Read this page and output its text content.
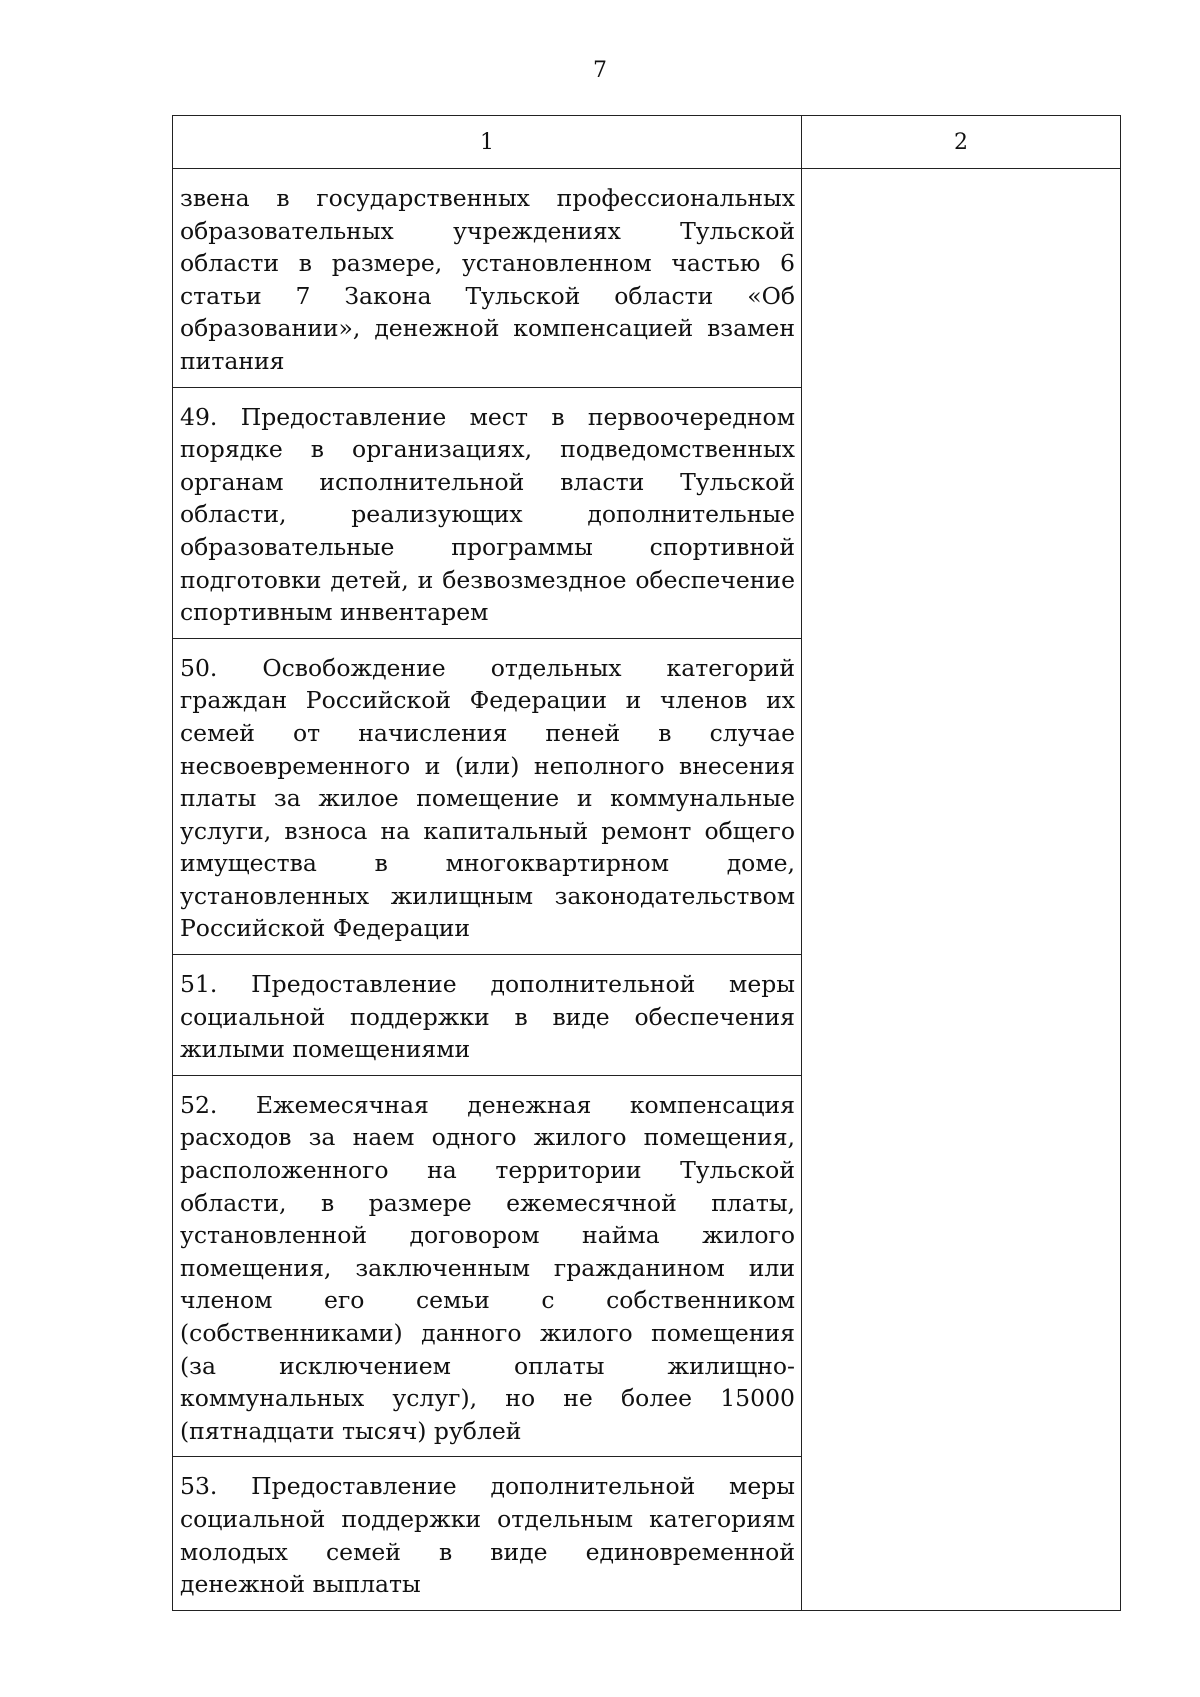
7
1	2
звена в государственных профессиональных образовательных учреждениях Тульской области в размере, установленном частью 6 статьи 7 Закона Тульской области «Об образовании», денежной компенсацией взамен питания	
49. Предоставление мест в первоочередном порядке в организациях, подведомственных органам исполнительной власти Тульской области, реализующих дополнительные образовательные программы спортивной подготовки детей, и безвозмездное обеспечение спортивным инвентарем	
50. Освобождение отдельных категорий граждан Российской Федерации и членов их семей от начисления пеней в случае несвоевременного и (или) неполного внесения платы за жилое помещение и коммунальные услуги, взноса на капитальный ремонт общего имущества в многоквартирном доме, установленных жилищным законодательством Российской Федерации	
51. Предоставление дополнительной меры социальной поддержки в виде обеспечения жилыми помещениями	
52. Ежемесячная денежная компенсация расходов за наем одного жилого помещения, расположенного на территории Тульской области, в размере ежемесячной платы, установленной договором найма жилого помещения, заключенным гражданином или членом его семьи с собственником (собственниками) данного жилого помещения (за исключением оплаты жилищно-коммунальных услуг), но не более 15000 (пятнадцати тысяч) рублей	
53. Предоставление дополнительной меры социальной поддержки отдельным категориям молодых семей в виде единовременной денежной выплаты	
